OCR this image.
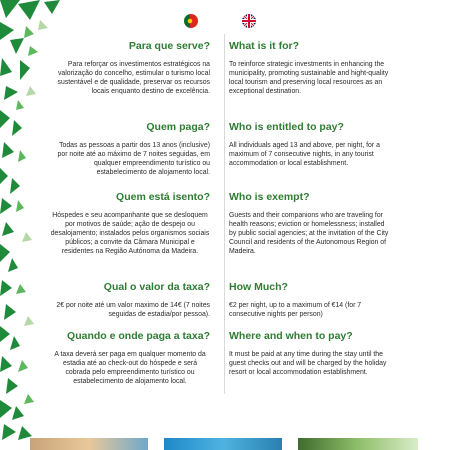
Para que serve? What is it for?
Para reforçar os investimentos estratégicos na valorização do concelho, estimular o turismo local sustentável e de qualidade, preservar os recursos locais enquanto destino de excelência.
To reinforce strategic investments in enhancing the municipality, promoting sustainable and hight-quality local tourism and preserving local resources as an exceptional destination.
Quem paga? Who is entitled to pay?
Todas as pessoas a partir dos 13 anos (inclusive) por noite até ao máximo de 7 noites seguidas, em qualquer empreendimento turístico ou estabelecimento de alojamento local.
All individuals aged 13 and above, per night, for a maximum of 7 consecutive nights, in any tourist accommodation or local establishment.
Quem está isento? Who is exempt?
Hóspedes e seu acompanhante que se desloquem por motivos de saúde; ação de despejo ou desalojamento; instalados pelos organismos sociais públicos; a convite da Câmara Municipal e residentes na Região Autónoma da Madeira.
Guests and their companions who are traveling for health reasons; eviction or homelessness; installed by public social agencies; at the invitation of the City Council and residents of the Autonomous Region of Madeira.
Qual o valor da taxa? How Much?
2€ por noite até um valor maximo de 14€ (7 noites seguidas de estadia/por pessoa).
€2 per night, up to a maximum of €14 (for 7 consecutive nights per person)
Quando e onde paga a taxa? Where and when to pay?
A taxa deverá ser paga em qualquer momento da estadia até ao check-out do hóspede e será cobrada pelo empreendimento turístico ou estabelecimento de alojamento local.
It must be paid at any time during the stay until the guest checks out and will be charged by the holiday resort or local accommodation establishment.
